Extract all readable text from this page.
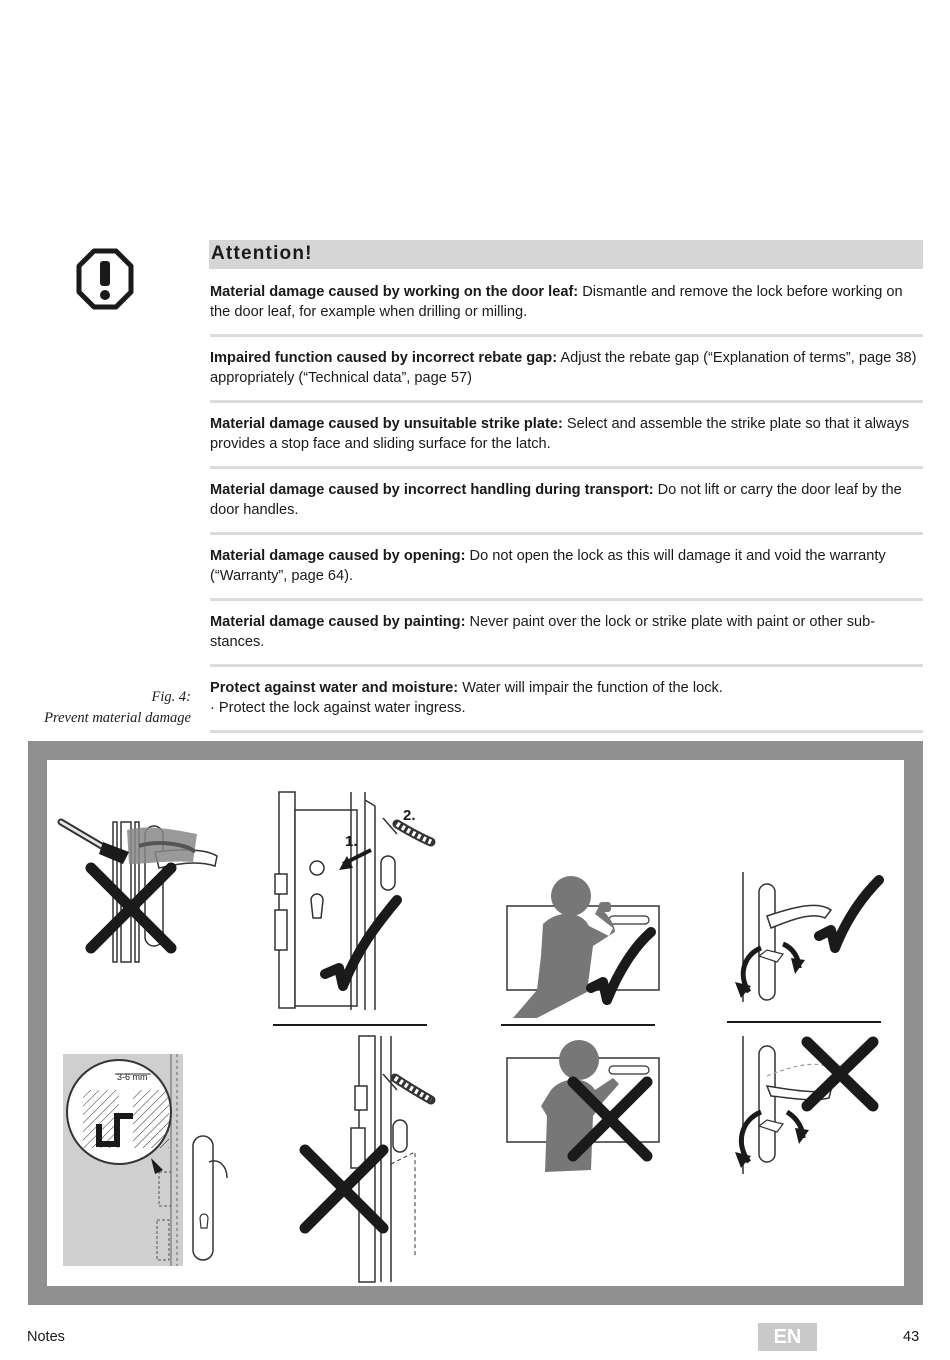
Attention!
Material damage caused by working on the door leaf: Dismantle and remove the lock before working on the door leaf, for example when drilling or milling.
Impaired function caused by incorrect rebate gap: Adjust the rebate gap (“Explanation of terms”, page 38) appropriately (“Technical data”, page 57)
Material damage caused by unsuitable strike plate: Select and assemble the strike plate so that it always provides a stop face and sliding surface for the latch.
Material damage caused by incorrect handling during transport: Do not lift or carry the door leaf by the door handles.
Material damage caused by opening: Do not open the lock as this will damage it and void the warranty (“Warranty”, page 64).
Material damage caused by painting: Never paint over the lock or strike plate with paint or other sub-stances.
Protect against water and moisture: Water will impair the function of the lock.
· Protect the lock against water ingress.
Fig. 4:
Prevent material damage
1.
2.
3-6 mm
Notes	EN	43
